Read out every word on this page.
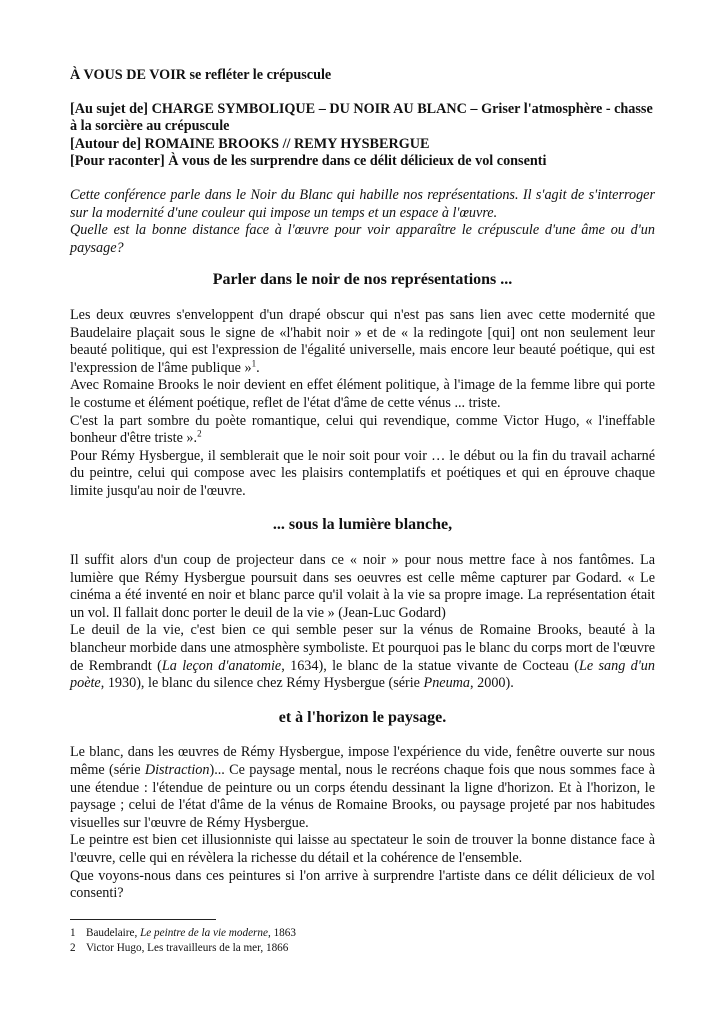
À VOUS DE VOIR se refléter le crépuscule

[Au sujet de] CHARGE SYMBOLIQUE – DU NOIR AU BLANC – Griser l'atmosphère - chasse à la sorcière au crépuscule

[Autour de] ROMAINE BROOKS // REMY HYSBERGUE

[Pour raconter] À vous de les surprendre dans ce délit délicieux de vol consenti

Cette conférence parle dans le Noir du Blanc qui habille nos représentations. Il s'agit de s'interroger sur la modernité d'une couleur qui impose un temps et un espace à l'œuvre.

Quelle est la bonne distance face à l'œuvre pour voir apparaître le crépuscule d'une âme ou d'un paysage?

Parler dans le noir de nos représentations ...

Les deux œuvres s'enveloppent d'un drapé obscur qui n'est pas sans lien avec cette modernité que Baudelaire plaçait sous le signe de «l'habit noir » et de « la redingote [qui] ont non seulement leur beauté politique, qui est l'expression de l'égalité universelle, mais encore leur beauté poétique, qui est l'expression de l'âme publique »$^1$.

Avec Romaine Brooks le noir devient en effet élément politique, à l'image de la femme libre qui porte le costume et élément poétique, reflet de l'état d'âme de cette vénus ... triste.

C'est la part sombre du poète romantique, celui qui revendique, comme Victor Hugo, « l'ineffable bonheur d'être triste ».$^2$

Pour Rémy Hysbergue, il semblerait que le noir soit pour voir … le début ou la fin du travail acharné du peintre, celui qui compose avec les plaisirs contemplatifs et poétiques et qui en éprouve chaque limite jusqu'au noir de l'œuvre.

... sous la lumière blanche,

Il suffit alors d'un coup de projecteur dans ce « noir » pour nous mettre face à nos fantômes. La lumière que Rémy Hysbergue poursuit dans ses oeuvres est celle même capturer par Godard. « Le cinéma a été inventé en noir et blanc parce qu'il volait à la vie sa propre image. La représentation était un vol. Il fallait donc porter le deuil de la vie » (Jean-Luc Godard)

Le deuil de la vie, c'est bien ce qui semble peser sur la vénus de Romaine Brooks, beauté à la blancheur morbide dans une atmosphère symboliste. Et pourquoi pas le blanc du corps mort de l'œuvre de Rembrandt (La leçon d'anatomie, 1634), le blanc de la statue vivante de Cocteau (Le sang d'un poète, 1930), le blanc du silence chez Rémy Hysbergue (série Pneuma, 2000).

et à l'horizon le paysage.

Le blanc, dans les œuvres de Rémy Hysbergue, impose l'expérience du vide, fenêtre ouverte sur nous même (série Distraction)... Ce paysage mental, nous le recréons chaque fois que nous sommes face à une étendue : l'étendue de peinture ou un corps étendu dessinant la ligne d'horizon. Et à l'horizon, le paysage ; celui de l'état d'âme de la vénus de Romaine Brooks, ou paysage projeté par nos habitudes visuelles sur l'œuvre de Rémy Hysbergue.

Le peintre est bien cet illusionniste qui laisse au spectateur le soin de trouver la bonne distance face à l'œuvre, celle qui en révèlera la richesse du détail et la cohérence de l'ensemble.

Que voyons-nous dans ces peintures si l'on arrive à surprendre l'artiste dans ce délit délicieux de vol consenti?

1 Baudelaire, Le peintre de la vie moderne, 1863

2 Victor Hugo, Les travailleurs de la mer, 1866
